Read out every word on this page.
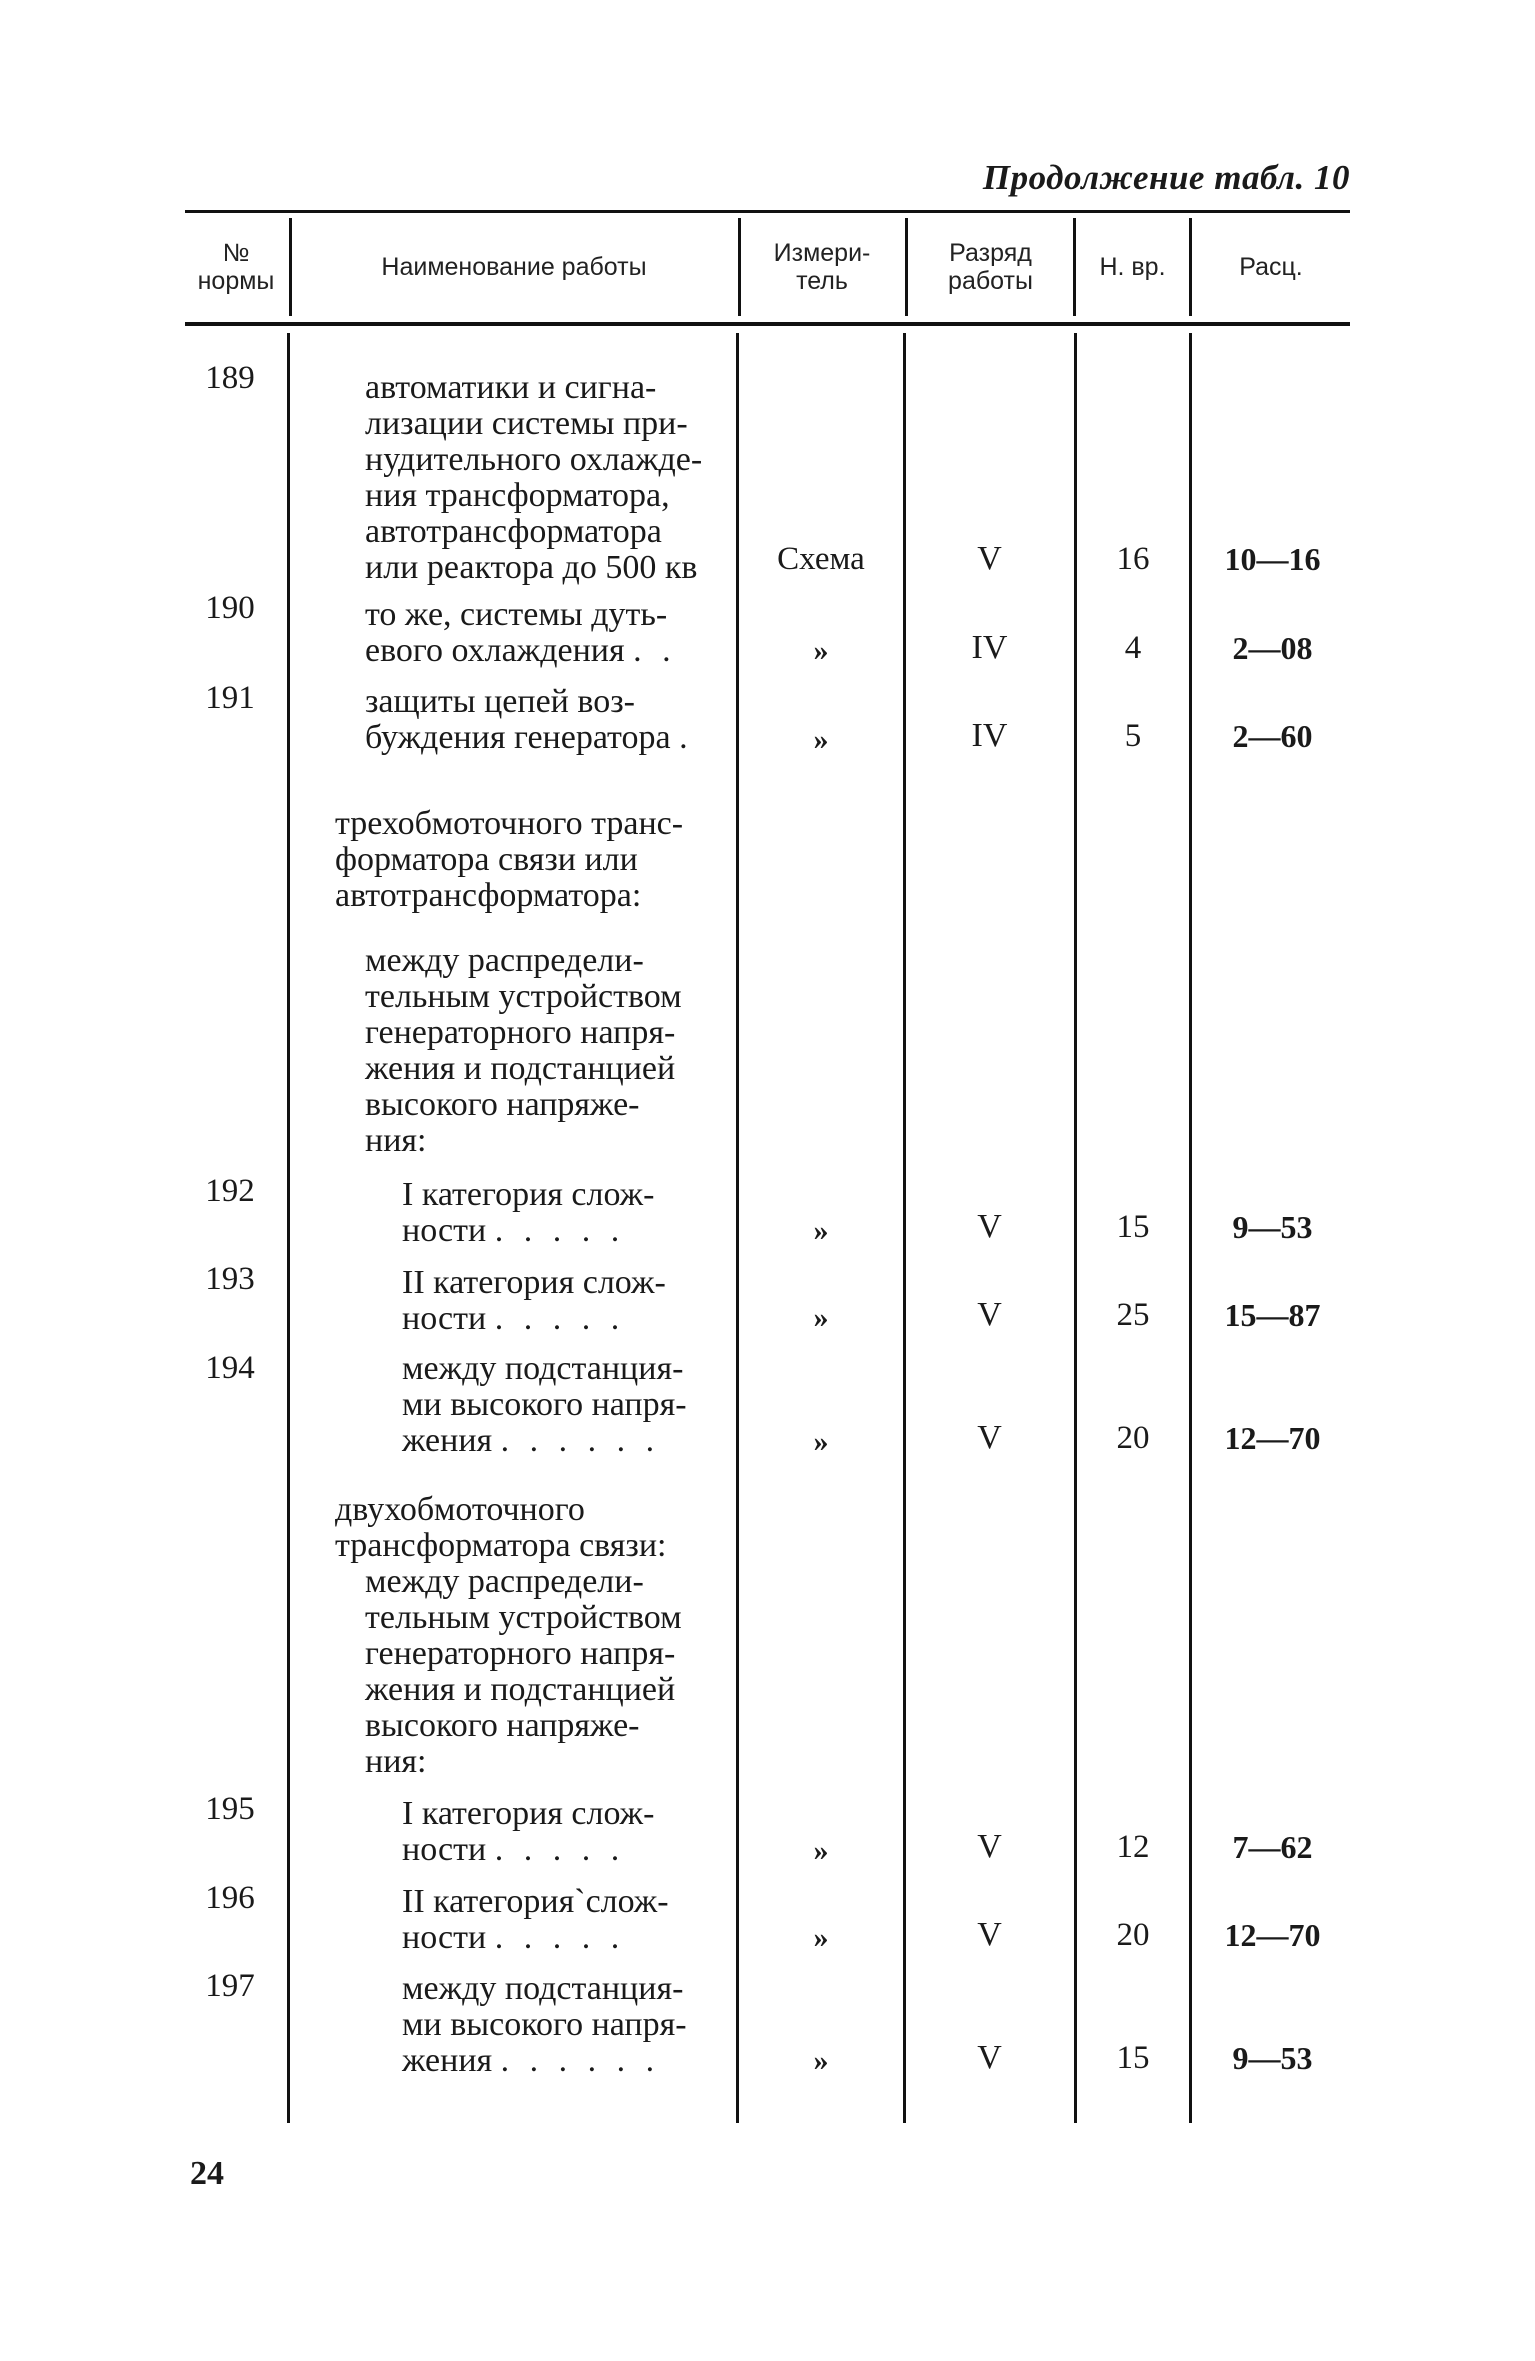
Продолжение табл. 10
№
нормы	Наименование работы	Измери-
тель
Разряд
работы	Н. вр.	Расц.
189	автоматики и сигна-
лизации системы при-
нудительного охлажде-
ния трансформатора,
автотрансформатора
или реактора до 500 кв	Схема	V	16	10—16
190	то же, системы дуть-
евого охлаждения . .	»	IV	4	2—08
191	защиты цепей воз-
буждения генератора .	»	IV	5	2—60
трехобмоточного транс-
форматора связи или
автотрансформатора:
между распредели-
тельным устройством
генераторного напря-
жения и подстанцией
высокого напряже-
ния:
192	I категория слож-
ности . . . . .	»	V	15	9—53
193	II категория слож-
ности . . . . .	»	V	25	15—87
194	между подстанция-
ми высокого напря-
жения . . . . . .	»	V	20	12—70
двухобмоточного
трансформатора связи:
между распредели-
тельным устройством
генераторного напря-
жения и подстанцией
высокого напряже-
ния:
195	I категория слож-
ности . . . . .	»	V	12	7—62
196	II категория`слож-
ности . . . . .	»	V	20	12—70
197	между подстанция-
ми высокого напря-
жения . . . . . .	»	V	15	9—53
24
